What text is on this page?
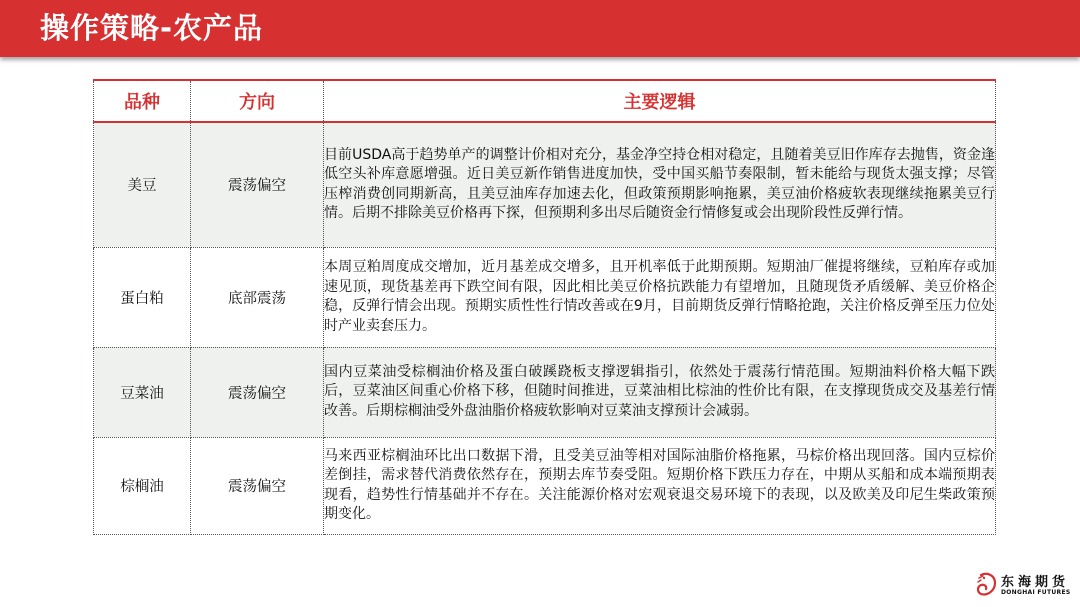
操作策略-农产品
品种	方向	主要逻辑
美豆	震荡偏空	目前USDA高于趋势单产的调整计价相对充分，基金净空持仓相对稳定，且随着美豆旧作库存去抛售，资金逢低空头补库意愿增强。近日美豆新作销售进度加快，受中国买船节奏限制，暂未能给与现货太强支撑；尽管压榨消费创同期新高，且美豆油库存加速去化，但政策预期影响拖累，美豆油价格疲软表现继续拖累美豆行情。后期不排除美豆价格再下探，但预期利多出尽后随资金行情修复或会出现阶段性反弹行情。
蛋白粕	底部震荡	本周豆粕周度成交增加，近月基差成交增多，且开机率低于此期预期。短期油厂催提将继续，豆粕库存或加速见顶，现货基差再下跌空间有限，因此相比美豆价格抗跌能力有望增加，且随现货矛盾缓解、美豆价格企稳，反弹行情会出现。预期实质性性行情改善或在9月，目前期货反弹行情略抢跑，关注价格反弹至压力位处时产业卖套压力。
豆菜油	震荡偏空	国内豆菜油受棕榈油价格及蛋白破蹊跷板支撑逻辑指引，依然处于震荡行情范围。短期油料价格大幅下跌后，豆菜油区间重心价格下移，但随时间推进，豆菜油相比棕油的性价比有限，在支撑现货成交及基差行情改善。后期棕榈油受外盘油脂价格疲软影响对豆菜油支撑预计会减弱。
棕榈油	震荡偏空	马来西亚棕榈油环比出口数据下滑，且受美豆油等相对国际油脂价格拖累，马棕价格出现回落。国内豆棕价差倒挂，需求替代消费依然存在，预期去库节奏受阻。短期价格下跌压力存在，中期从买船和成本端预期表现看，趋势性行情基础并不存在。关注能源价格对宏观衰退交易环境下的表现，以及欧美及印尼生柴政策预期变化。
东海期货
DONGHAI FUTURES
